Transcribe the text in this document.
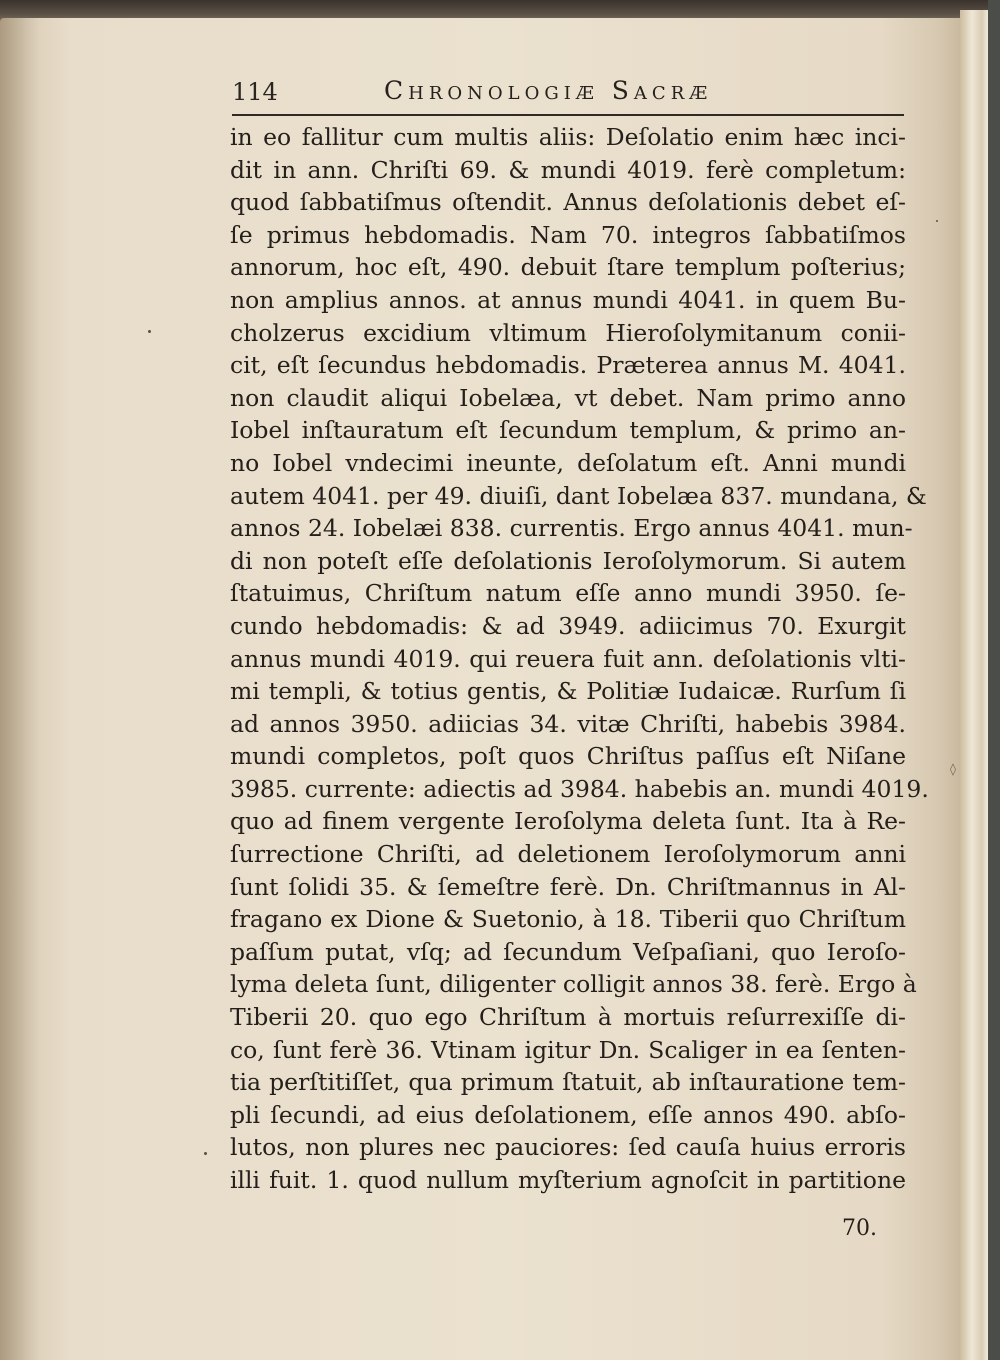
114	Chronologiæ Sacræ
in eo fallitur cum multis aliis: Deſolatio enim hæc inci-
dit in ann. Chriſti 69. & mundi 4019. ferè completum:
quod ſabbatiſmus oſtendit. Annus deſolationis debet eſ-
ſe primus hebdomadis. Nam 70. integros ſabbatiſmos
annorum, hoc eſt, 490. debuit ſtare templum poſterius;
non amplius annos. at annus mundi 4041. in quem Bu-
cholzerus excidium vltimum Hieroſolymitanum conii-
cit, eſt ſecundus hebdomadis. Præterea annus M. 4041.
non claudit aliqui Iobelæa, vt debet. Nam primo anno
Iobel inſtauratum eſt ſecundum templum, & primo an-
no Iobel vndecimi ineunte, deſolatum eſt. Anni mundi
autem 4041. per 49. diuiſi, dant Iobelæa 837. mundana, &
annos 24. Iobelæi 838. currentis. Ergo annus 4041. mun-
di non poteſt eſſe deſolationis Ieroſolymorum. Si autem
ſtatuimus, Chriſtum natum eſſe anno mundi 3950. ſe-
cundo hebdomadis: & ad 3949. adiicimus 70. Exurgit
annus mundi 4019. qui reuera fuit ann. deſolationis vlti-
mi templi, & totius gentis, & Politiæ Iudaicæ. Rurſum ſi
ad annos 3950. adiicias 34. vitæ Chriſti, habebis 3984.
mundi completos, poſt quos Chriſtus paſſus eſt Niſane
3985. currente: adiectis ad 3984. habebis an. mundi 4019.
quo ad finem vergente Ieroſolyma deleta ſunt. Ita à Re-
ſurrectione Chriſti, ad deletionem Ieroſolymorum anni
ſunt ſolidi 35. & ſemeſtre ferè. Dn. Chriſtmannus in Al-
fragano ex Dione & Suetonio, à 18. Tiberii quo Chriſtum
paſſum putat, vſq; ad ſecundum Veſpaſiani, quo Ieroſo-
lyma deleta ſunt, diligenter colligit annos 38. ferè. Ergo à
Tiberii 20. quo ego Chriſtum à mortuis reſurrexiſſe di-
co, ſunt ferè 36. Vtinam igitur Dn. Scaliger in ea ſenten-
tia perſtitiſſet, qua primum ſtatuit, ab inſtauratione tem-
pli ſecundi, ad eius deſolationem, eſſe annos 490. abſo-
lutos, non plures nec pauciores: ſed cauſa huius erroris
illi fuit. 1. quod nullum myſterium agnoſcit in partitione
70.
◊
